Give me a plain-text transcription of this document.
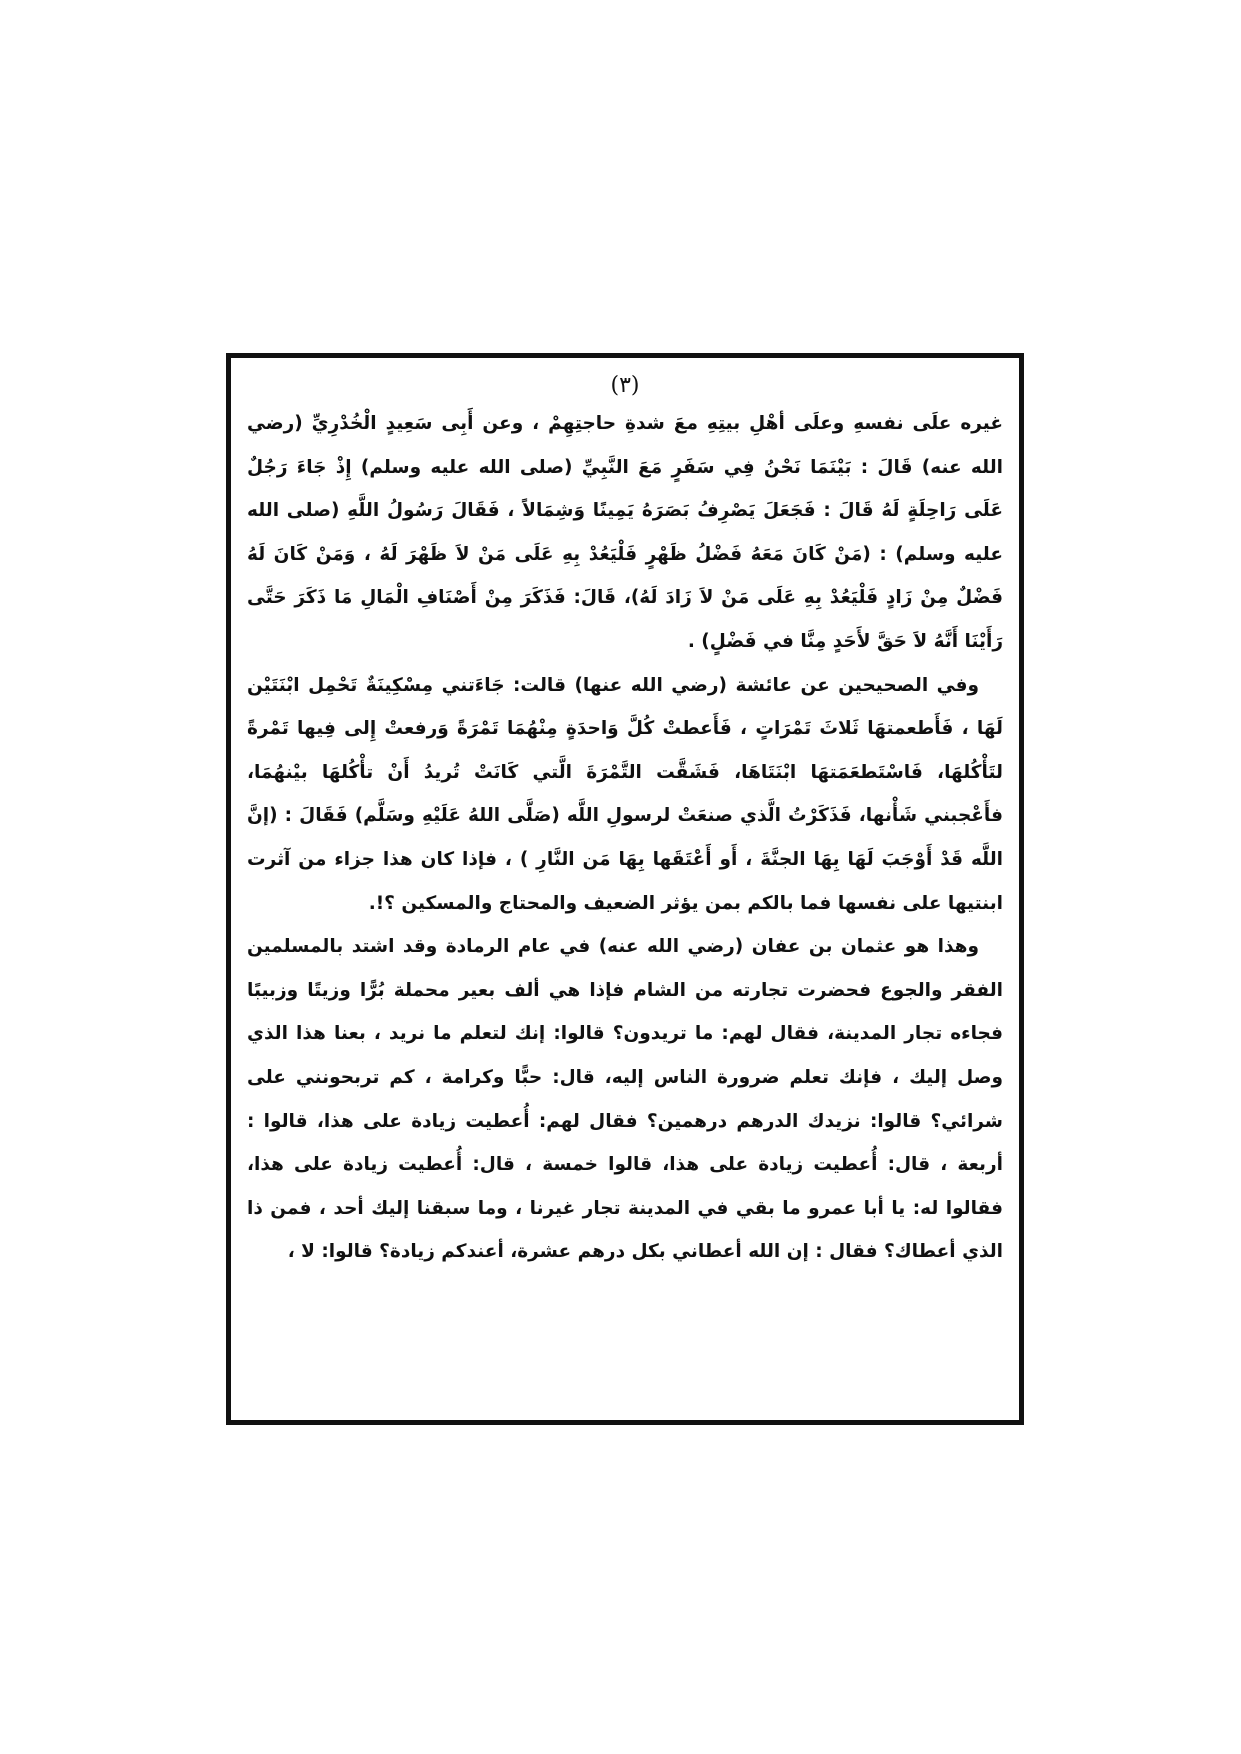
(٣)

غيره علَى نفسهِ وعلَى أهْلِ بيتِهِ معَ شدةِ حاجتِهِمْ ، وعن أَبِى سَعِيدٍ الْخُدْرِيِّ (رضي الله عنه) قَالَ : بَيْنَمَا نَحْنُ فِي سَفَرٍ مَعَ النَّبِيِّ (صلى الله عليه وسلم) إِذْ جَاءَ رَجُلٌ عَلَى رَاحِلَةٍ لَهُ قَالَ : فَجَعَلَ يَصْرِفُ بَصَرَهُ يَمِينًا وَشِمَالاً ، فَقَالَ رَسُولُ اللَّهِ (صلى الله عليه وسلم) : (مَنْ كَانَ مَعَهُ فَضْلُ ظَهْرٍ فَلْيَعُدْ بِهِ عَلَى مَنْ لاَ ظَهْرَ لَهُ ، وَمَنْ كَانَ لَهُ فَضْلٌ مِنْ زَادٍ فَلْيَعُدْ بِهِ عَلَى مَنْ لاَ زَادَ لَهُ)، قَالَ: فَذَكَرَ مِنْ أَصْنَافِ الْمَالِ مَا ذَكَرَ حَتَّى رَأَيْنَا أَنَّهُ لاَ حَقَّ لأَحَدٍ مِنَّا في فَضْلٍ) .

وفي الصحيحين عن عائشة (رضي الله عنها) قالت: جَاءَتني مِسْكِينَةٌ تَحْمِل ابْنَتَيْن لَهَا ، فَأَطعمتهَا ثَلاثَ تَمْرَاتٍ ، فَأَعطتْ كُلَّ وَاحدَةٍ مِنْهُمَا تَمْرَةً وَرفعتْ إِلى فِيها تَمْرةً لتَأْكُلهَا، فَاسْتَطعَمَتهَا ابْنَتَاهَا، فَشَقَّت التَّمْرَةَ الَّتي كَانَتْ تُريدُ أَنْ تأْكُلهَا بيْنهُمَا، فأَعْجبني شَأْنها، فَذَكَرْتُ الَّذي صنعَتْ لرسولِ اللَّه (صَلَّى اللهُ عَلَيْهِ وسَلَّم) فَقَالَ : (إنَّ اللَّه قَدْ أَوْجَبَ لَهَا بِهَا الجنَّةَ ، أَو أَعْتَقَها بِهَا مَن النَّارِ ) ، فإذا كان هذا جزاء من آثرت ابنتيها على نفسها فما بالكم بمن يؤثر الضعيف والمحتاج والمسكين ؟!.

وهذا هو عثمان بن عفان (رضي الله عنه) في عام الرمادة وقد اشتد بالمسلمين الفقر والجوع فحضرت تجارته من الشام فإذا هي ألف بعير محملة بُرًّا وزيتًا وزبيبًا فجاءه تجار المدينة، فقال لهم: ما تريدون؟ قالوا: إنك لتعلم ما نريد ، بعنا هذا الذي وصل إليك ، فإنك تعلم ضرورة الناس إليه، قال: حبًّا وكرامة ، كم تربحونني على شرائي؟ قالوا: نزيدك الدرهم درهمين؟ فقال لهم: أُعطيت زيادة على هذا، قالوا : أربعة ، قال: أُعطيت زيادة على هذا، قالوا خمسة ، قال: أُعطيت زيادة على هذا، فقالوا له: يا أبا عمرو ما بقي في المدينة تجار غيرنا ، وما سبقنا إليك أحد ، فمن ذا الذي أعطاك؟ فقال : إن الله أعطاني بكل درهم عشرة، أعندكم زيادة؟ قالوا: لا ،
